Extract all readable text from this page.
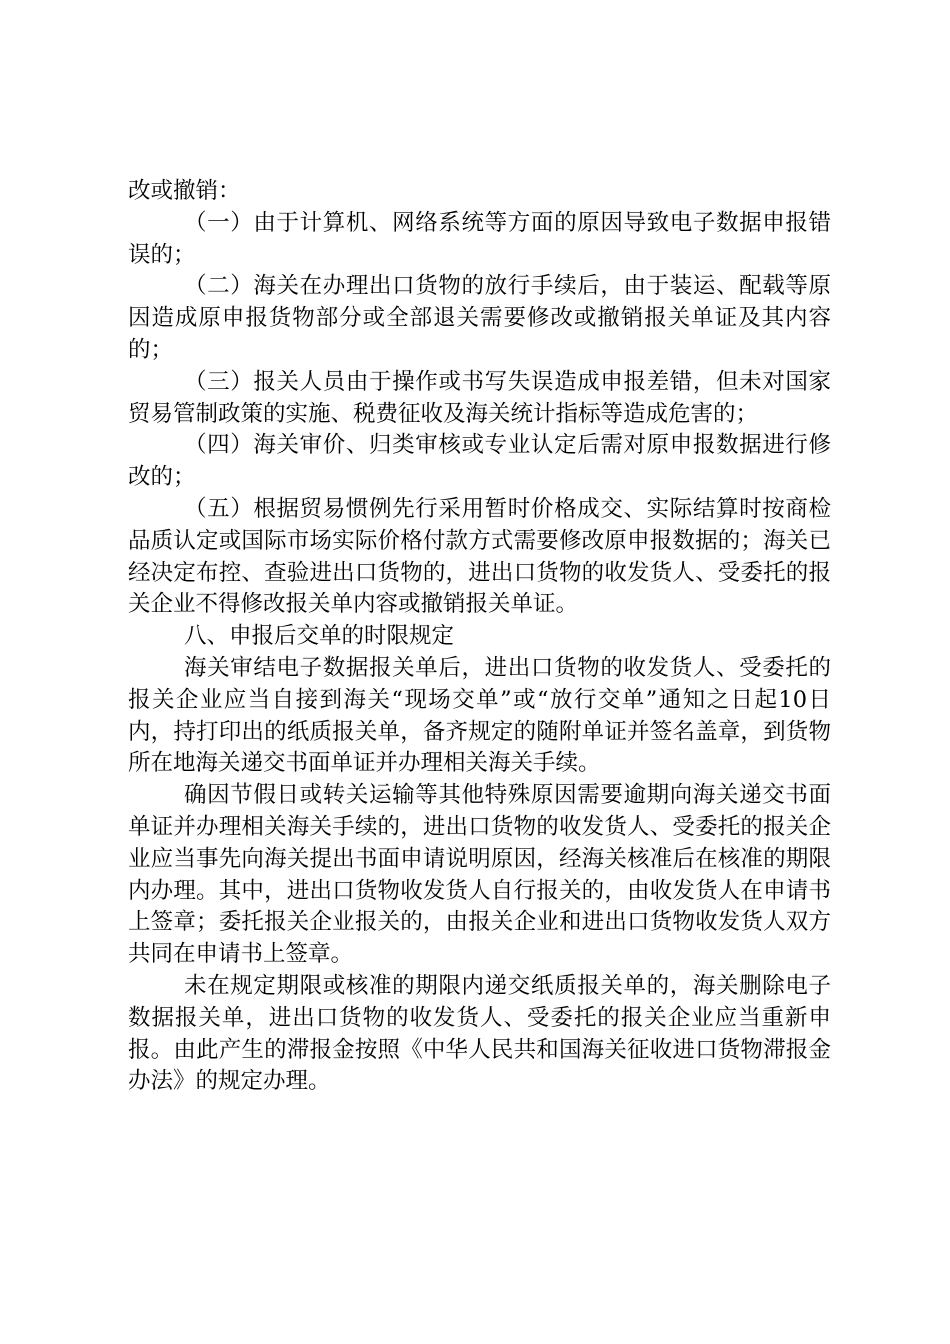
改或撤销：

（一）由于计算机、网络系统等方面的原因导致电子数据申报错误的；

（二）海关在办理出口货物的放行手续后，由于装运、配载等原因造成原申报货物部分或全部退关需要修改或撤销报关单证及其内容的；

（三）报关人员由于操作或书写失误造成申报差错，但未对国家贸易管制政策的实施、税费征收及海关统计指标等造成危害的；

（四）海关审价、归类审核或专业认定后需对原申报数据进行修改的；

（五）根据贸易惯例先行采用暂时价格成交、实际结算时按商检品质认定或国际市场实际价格付款方式需要修改原申报数据的；海关已经决定布控、查验进出口货物的，进出口货物的收发货人、受委托的报关企业不得修改报关单内容或撤销报关单证。

八、申报后交单的时限规定

海关审结电子数据报关单后，进出口货物的收发货人、受委托的报关企业应当自接到海关“现场交单”或“放行交单”通知之日起10日内，持打印出的纸质报关单，备齐规定的随附单证并签名盖章，到货物所在地海关递交书面单证并办理相关海关手续。

确因节假日或转关运输等其他特殊原因需要逾期向海关递交书面单证并办理相关海关手续的，进出口货物的收发货人、受委托的报关企业应当事先向海关提出书面申请说明原因，经海关核准后在核准的期限内办理。其中，进出口货物收发货人自行报关的，由收发货人在申请书上签章；委托报关企业报关的，由报关企业和进出口货物收发货人双方共同在申请书上签章。

未在规定期限或核准的期限内递交纸质报关单的，海关删除电子数据报关单，进出口货物的收发货人、受委托的报关企业应当重新申报。由此产生的滞报金按照《中华人民共和国海关征收进口货物滞报金办法》的规定办理。
